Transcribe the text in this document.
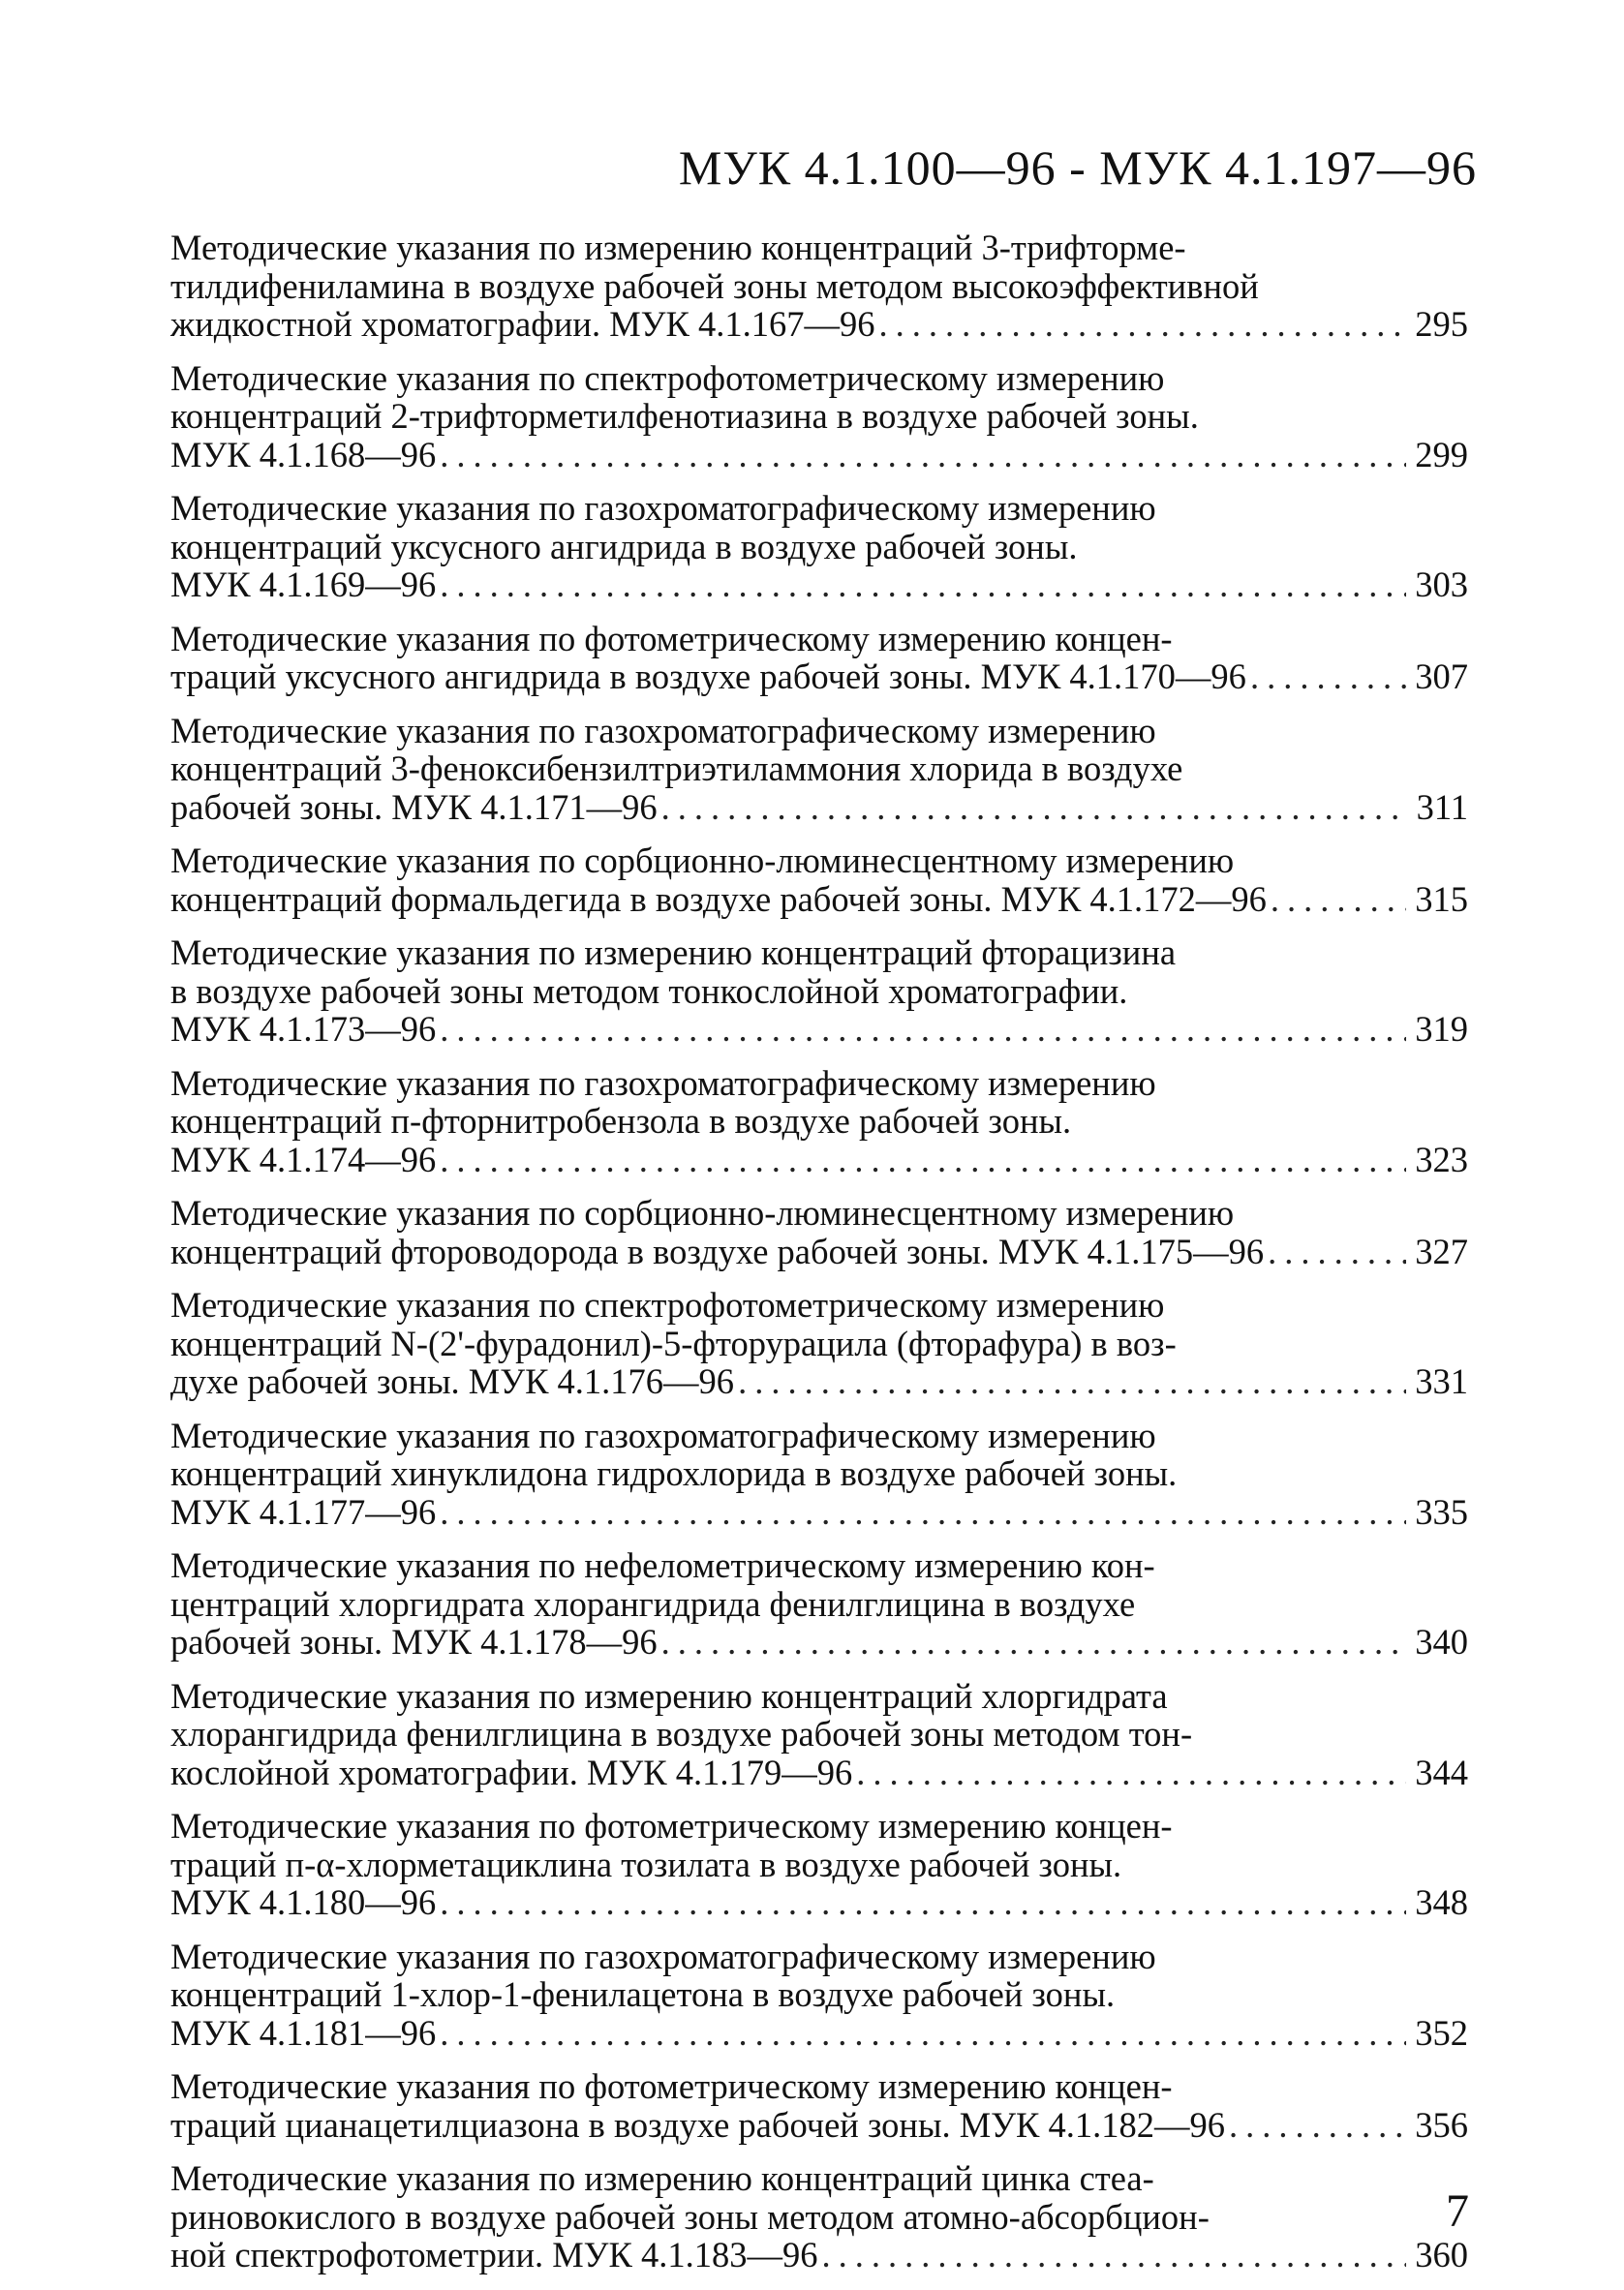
МУК 4.1.100—96 - МУК 4.1.197—96
Методические указания по измерению концентраций 3-трифторме-
тилдифениламина в воздухе рабочей зоны методом высокоэффективной
жидкостной хроматографии. МУК 4.1.167—96 .....	295
Методические указания по спектрофотометрическому измерению
концентраций 2-трифторметилфенотиазина в воздухе рабочей зоны.
МУК 4.1.168—96 .....	299
Методические указания по газохроматографическому измерению
концентраций уксусного ангидрида в воздухе рабочей зоны.
МУК 4.1.169—96 .....	303
Методические указания по фотометрическому измерению концен-
траций уксусного ангидрида в воздухе рабочей зоны. МУК 4.1.170—96 .....	307
Методические указания по газохроматографическому измерению
концентраций 3-феноксибензилтриэтиламмония хлорида в воздухе
рабочей зоны. МУК 4.1.171—96 .....	311
Методические указания по сорбционно-люминесцентному измерению
концентраций формальдегида в воздухе рабочей зоны. МУК 4.1.172—96 .....	315
Методические указания по измерению концентраций фторацизина
в воздухе рабочей зоны методом тонкослойной хроматографии.
МУК 4.1.173—96 .....	319
Методические указания по газохроматографическому измерению
концентраций п-фторнитробензола в воздухе рабочей зоны.
МУК 4.1.174—96 .....	323
Методические указания по сорбционно-люминесцентному измерению
концентраций фтороводорода в воздухе рабочей зоны. МУК 4.1.175—96 .....	327
Методические указания по спектрофотометрическому измерению
концентраций N-(2'-фурадонил)-5-фторурацила (фторафура) в воз-
духе рабочей зоны. МУК 4.1.176—96 .....	331
Методические указания по газохроматографическому измерению
концентраций хинуклидона гидрохлорида в воздухе рабочей зоны.
МУК 4.1.177—96 .....	335
Методические указания по нефелометрическому измерению кон-
центраций хлоргидрата хлорангидрида фенилглицина в воздухе
рабочей зоны. МУК 4.1.178—96 .....	340
Методические указания по измерению концентраций хлоргидрата
хлорангидрида фенилглицина в воздухе рабочей зоны методом тон-
кослойной хроматографии. МУК 4.1.179—96 .....	344
Методические указания по фотометрическому измерению концен-
траций п-α-хлорметациклина тозилата в воздухе рабочей зоны.
МУК 4.1.180—96 .....	348
Методические указания по газохроматографическому измерению
концентраций 1-хлор-1-фенилацетона в воздухе рабочей зоны.
МУК 4.1.181—96 .....	352
Методические указания по фотометрическому измерению концен-
траций цианацетилциазона в воздухе рабочей зоны. МУК 4.1.182—96 .....	356
Методические указания по измерению концентраций цинка стеа-
риновокислого в воздухе рабочей зоны методом атомно-абсорбцион-
ной спектрофотометрии. МУК 4.1.183—96 .....	360
7
